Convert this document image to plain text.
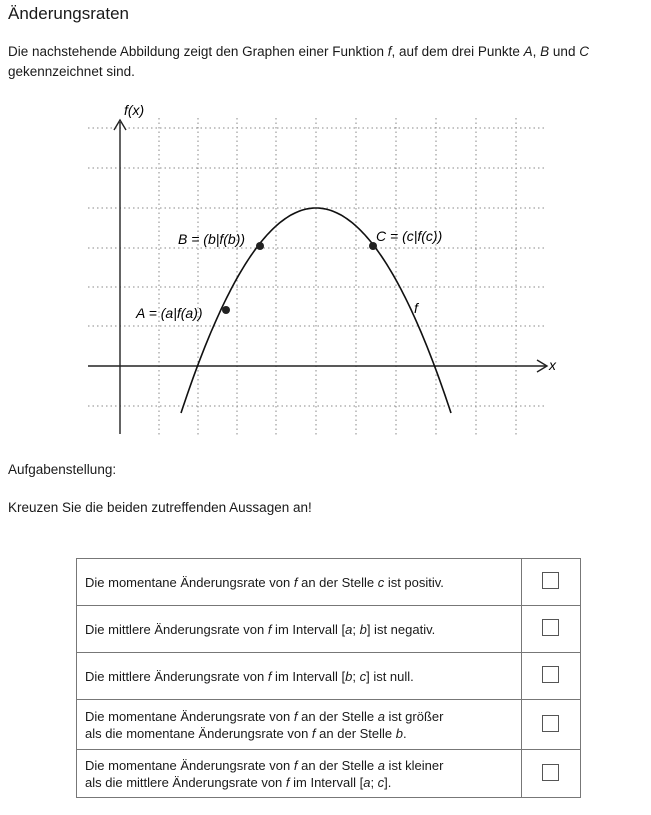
Änderungsraten
Die nachstehende Abbildung zeigt den Graphen einer Funktion f, auf dem drei Punkte A, B und C
gekennzeichnet sind.
f(x)
x
A = (a|f(a))
B = (b|f(b))	C = (c|f(c))
f
Aufgabenstellung:
Kreuzen Sie die beiden zutreffenden Aussagen an!
Die momentane Änderungsrate von f an der Stelle c ist positiv.	
Die mittlere Änderungsrate von f im Intervall [a; b] ist negativ.	
Die mittlere Änderungsrate von f im Intervall [b; c] ist null.	
Die momentane Änderungsrate von f an der Stelle a ist größer
als die momentane Änderungsrate von f an der Stelle b.	
Die momentane Änderungsrate von f an der Stelle a ist kleiner
als die mittlere Änderungsrate von f im Intervall [a; c].	
